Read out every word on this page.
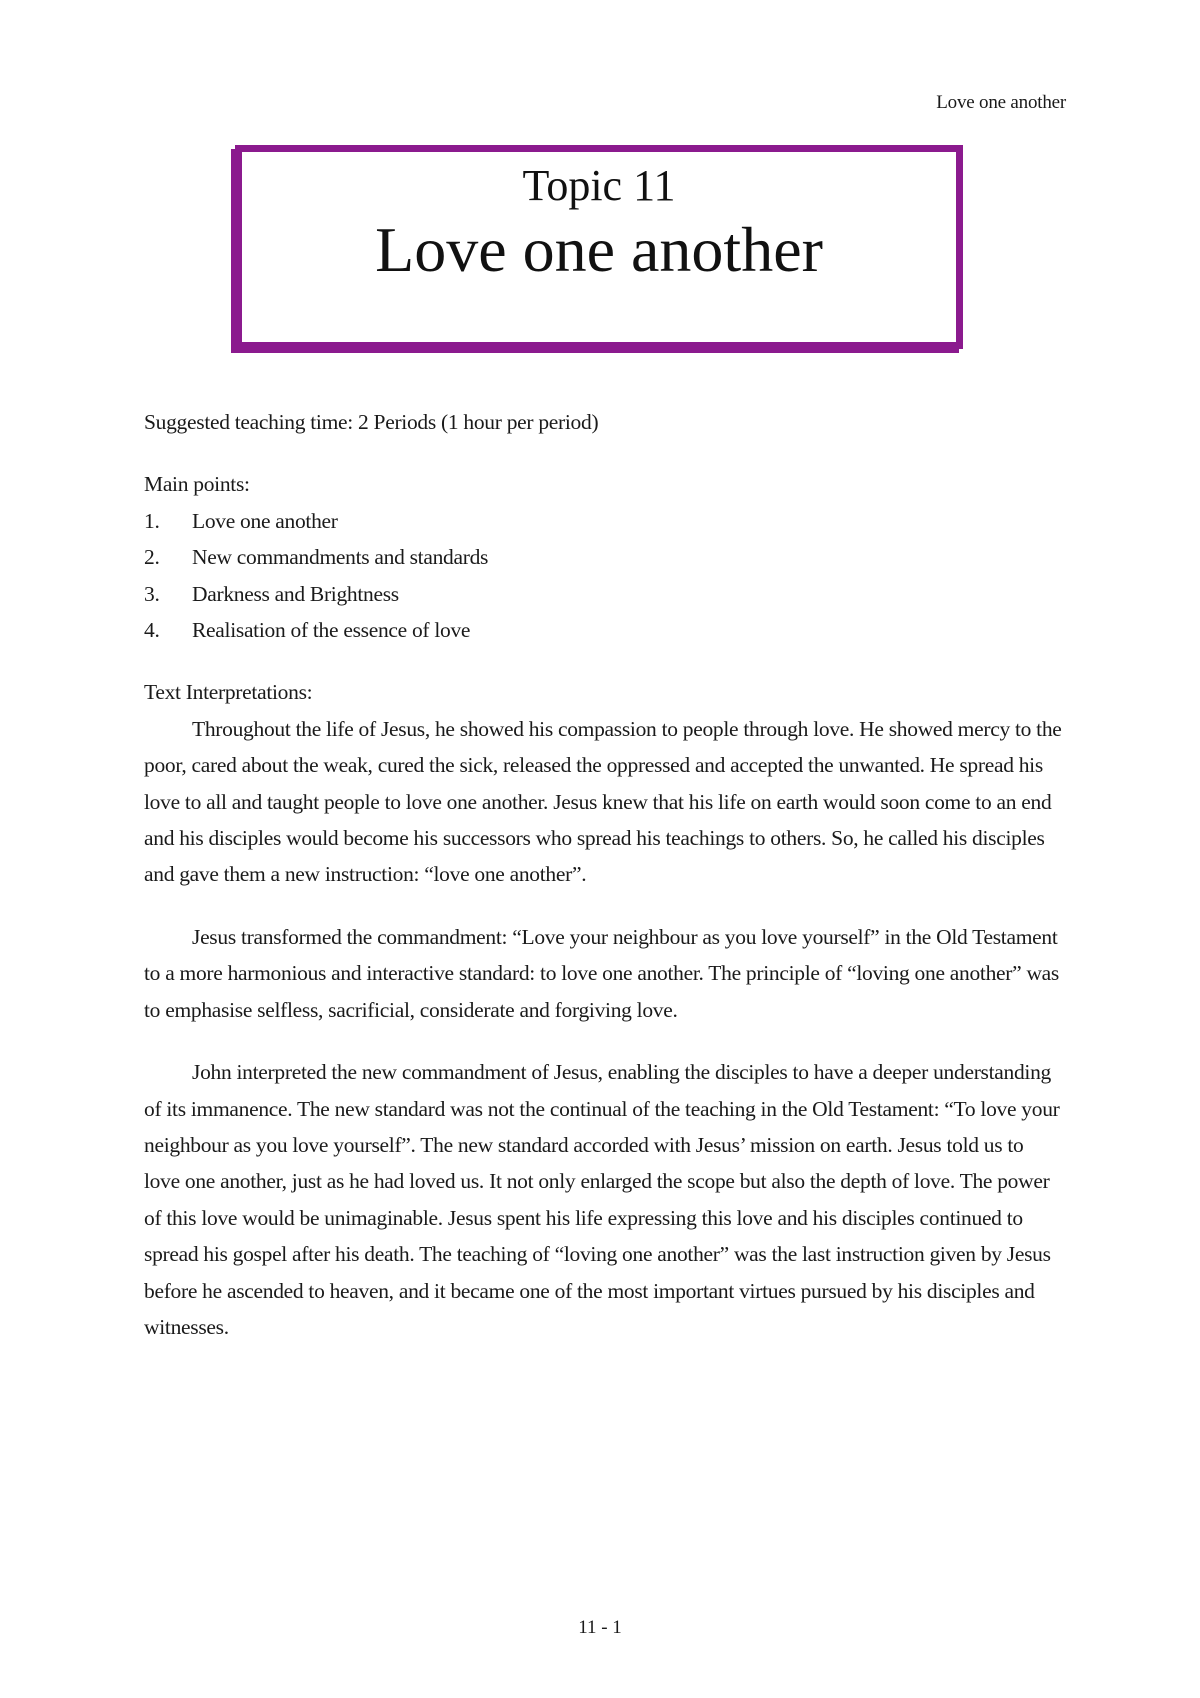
Love one another
Topic 11
Love one another

Suggested teaching time: 2 Periods (1 hour per period)

Main points:

1. Love one another
2. New commandments and standards
3. Darkness and Brightness
4. Realisation of the essence of love

Text Interpretations:

Throughout the life of Jesus, he showed his compassion to people through love. He showed mercy to the poor, cared about the weak, cured the sick, released the oppressed and accepted the unwanted. He spread his love to all and taught people to love one another. Jesus knew that his life on earth would soon come to an end and his disciples would become his successors who spread his teachings to others. So, he called his disciples and gave them a new instruction: “love one another”.

Jesus transformed the commandment: “Love your neighbour as you love yourself” in the Old Testament to a more harmonious and interactive standard: to love one another. The principle of “loving one another” was to emphasise selfless, sacrificial, considerate and forgiving love.

John interpreted the new commandment of Jesus, enabling the disciples to have a deeper understanding of its immanence. The new standard was not the continual of the teaching in the Old Testament: “To love your neighbour as you love yourself”. The new standard accorded with Jesus’ mission on earth. Jesus told us to love one another, just as he had loved us. It not only enlarged the scope but also the depth of love. The power of this love would be unimaginable. Jesus spent his life expressing this love and his disciples continued to spread his gospel after his death. The teaching of “loving one another” was the last instruction given by Jesus before he ascended to heaven, and it became one of the most important virtues pursued by his disciples and witnesses.

11 - 1
